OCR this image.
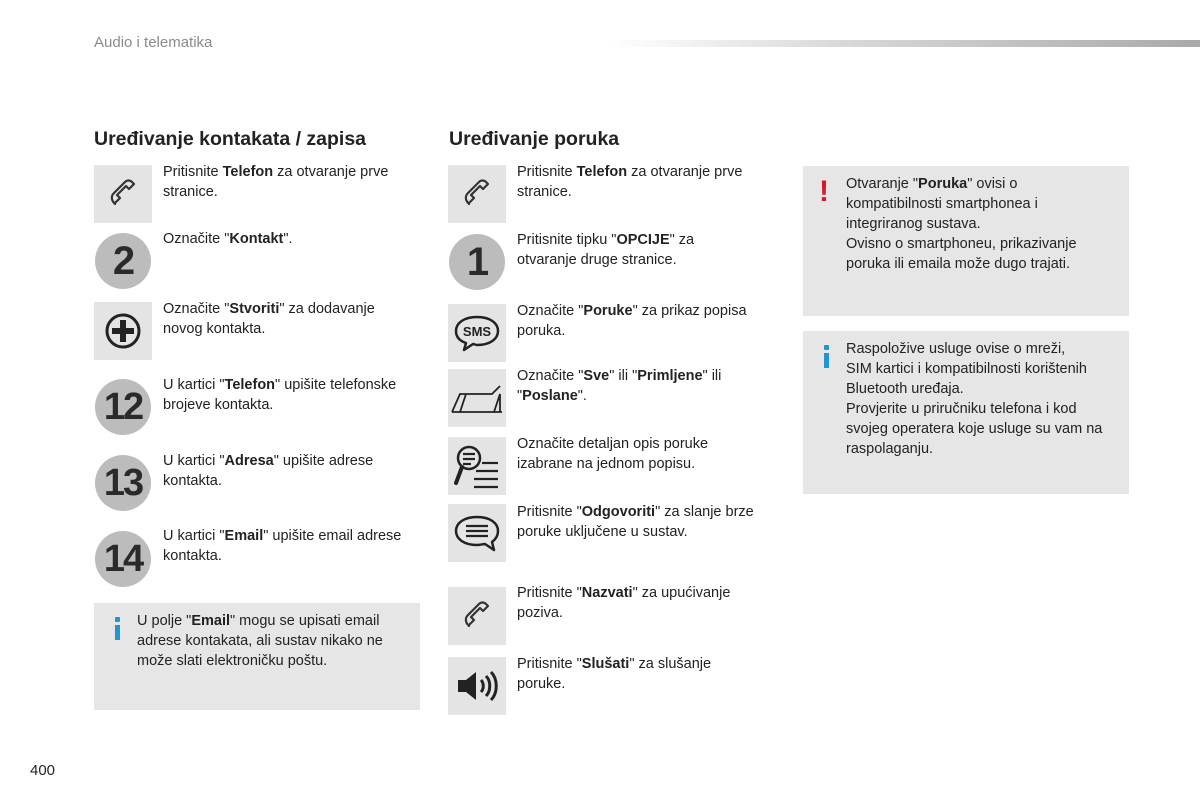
Audio i telematika
Uređivanje kontakata / zapisa
Pritisnite Telefon za otvaranje prve
stranice.
2	Označite "Kontakt".
Označite "Stvoriti" za dodavanje
novog kontakta.
12
U kartici "Telefon" upišite telefonske
brojeve kontakta.
13
U kartici "Adresa" upišite adrese
kontakta.
14
U kartici "Email" upišite email adrese
kontakta.
U polje "Email" mogu se upisati email
adrese kontakata, ali sustav nikako ne
može slati elektroničku poštu.
Uređivanje poruka
Pritisnite Telefon za otvaranje prve
stranice.
1	Pritisnite tipku "OPCIJE" za
otvaranje druge stranice.
SMS
Označite "Poruke" za prikaz popisa
poruka.
Označite "Sve" ili "Primljene" ili
"Poslane".
Označite detaljan opis poruke
izabrane na jednom popisu.
Pritisnite "Odgovoriti" za slanje brze
poruke uključene u sustav.
Pritisnite "Nazvati" za upućivanje
poziva.
Pritisnite "Slušati" za slušanje
poruke.
! Otvaranje "Poruka" ovisi o
kompatibilnosti smartphonea i
integriranog sustava.
Ovisno o smartphoneu, prikazivanje
poruka ili emaila može dugo trajati.
Raspoložive usluge ovise o mreži,
SIM kartici i kompatibilnosti korištenih
Bluetooth uređaja.
Provjerite u priručniku telefona i kod
svojeg operatera koje usluge su vam na
raspolaganju.
400
